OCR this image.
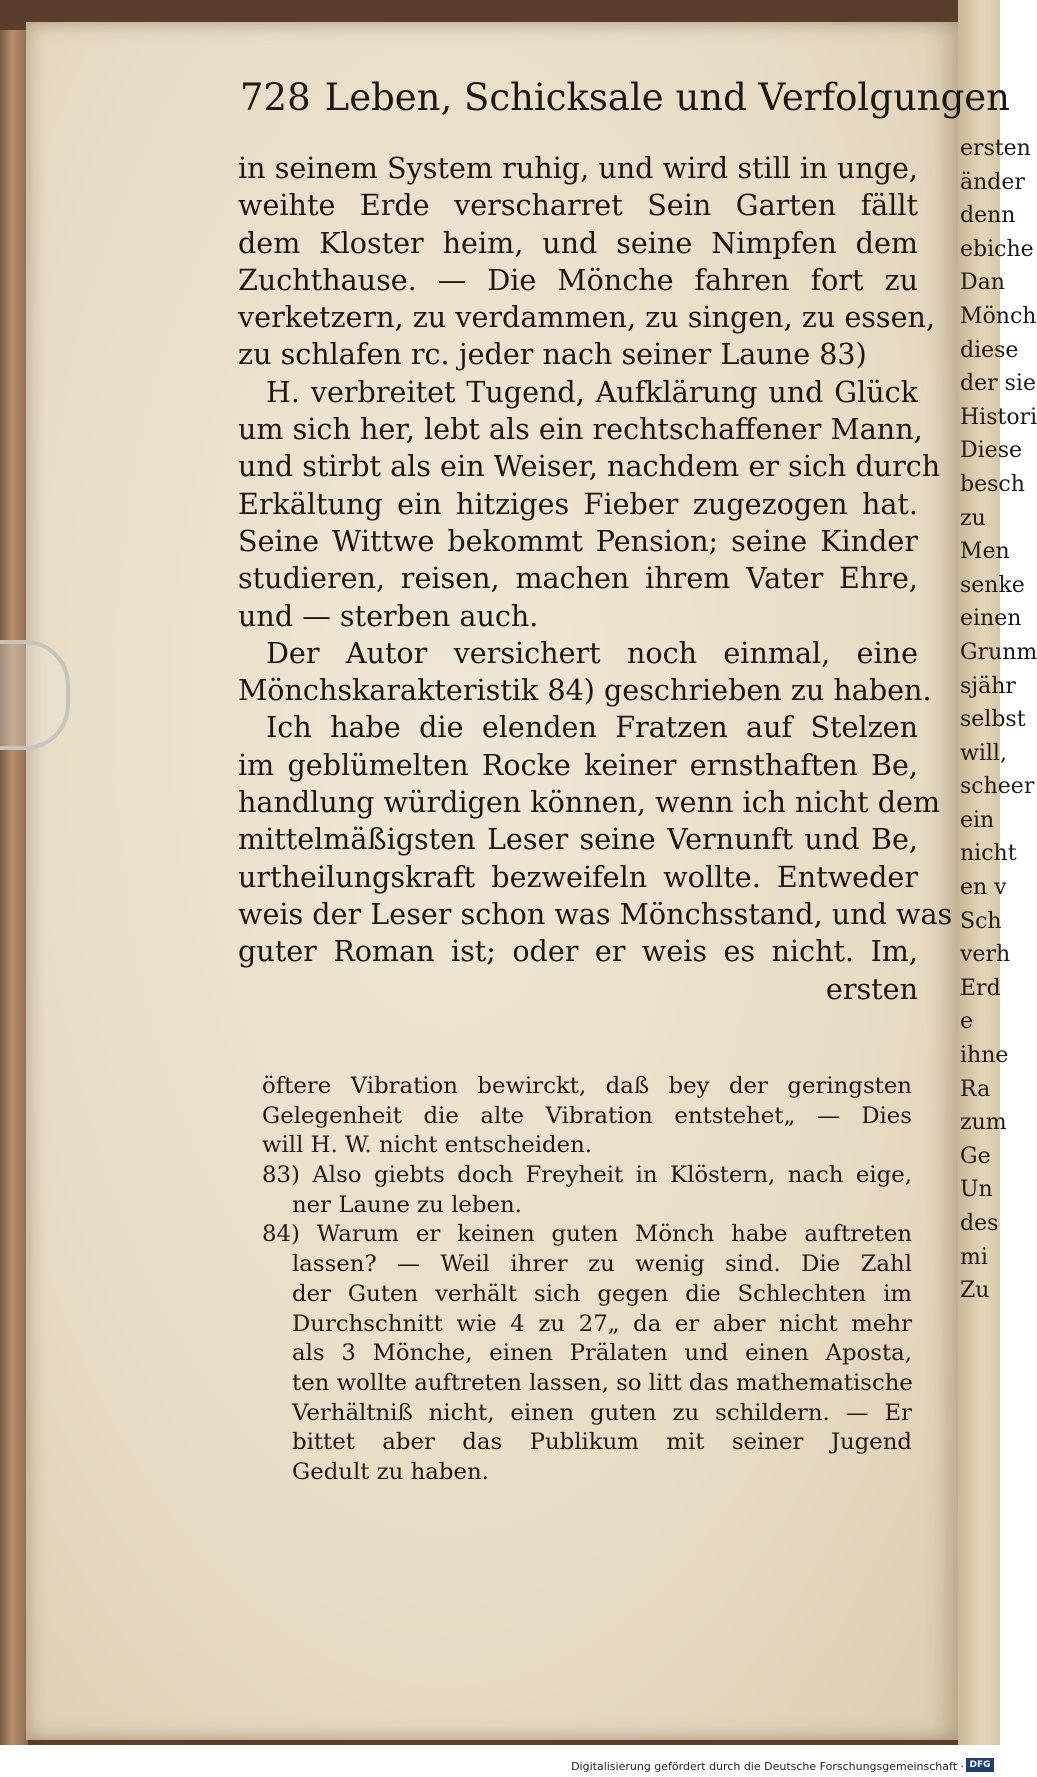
ersten
änder
denn
ebiche
Dan
Mönch
diese
der sie
Histori
Diese
besch
zu
Men
senke
einen
Grunm
sjähr
selbst
will,
scheer
ein
nicht
en v
Sch
verh
Erd
e
ihne
Ra
zum
Ge
Un
des
mi
Zu
728 Leben, Schicksale und Verfolgungen
in seinem System ruhig, und wird still in unge,
weihte Erde verscharret Sein Garten fällt
dem Kloster heim, und seine Nimpfen dem
Zuchthause. — Die Mönche fahren fort zu
verketzern, zu verdammen, zu singen, zu essen,
zu schlafen rc. jeder nach seiner Laune 83)
H. verbreitet Tugend, Aufklärung und Glück
um sich her, lebt als ein rechtschaffener Mann,
und stirbt als ein Weiser, nachdem er sich durch
Erkältung ein hitziges Fieber zugezogen hat.
Seine Wittwe bekommt Pension; seine Kinder
studieren, reisen, machen ihrem Vater Ehre,
und — sterben auch.
Der Autor versichert noch einmal, eine
Mönchskarakteristik 84) geschrieben zu haben.
Ich habe die elenden Fratzen auf Stelzen
im geblümelten Rocke keiner ernsthaften Be,
handlung würdigen können, wenn ich nicht dem
mittelmäßigsten Leser seine Vernunft und Be,
urtheilungskraft bezweifeln wollte. Entweder
weis der Leser schon was Mönchsstand, und was
guter Roman ist; oder er weis es nicht. Im,
ersten
öftere Vibration bewirckt, daß bey der geringsten
Gelegenheit die alte Vibration entstehet„ — Dies
will H. W. nicht entscheiden.
83) Also giebts doch Freyheit in Klöstern, nach eige,
ner Laune zu leben.
84) Warum er keinen guten Mönch habe auftreten
lassen? — Weil ihrer zu wenig sind. Die Zahl
der Guten verhält sich gegen die Schlechten im
Durchschnitt wie 4 zu 27„ da er aber nicht mehr
als 3 Mönche, einen Prälaten und einen Aposta,
ten wollte auftreten lassen, so litt das mathematische
Verhältniß nicht, einen guten zu schildern. — Er
bittet aber das Publikum mit seiner Jugend
Gedult zu haben.
Digitalisierung gefördert durch die Deutsche Forschungsgemeinschaft · DFG
